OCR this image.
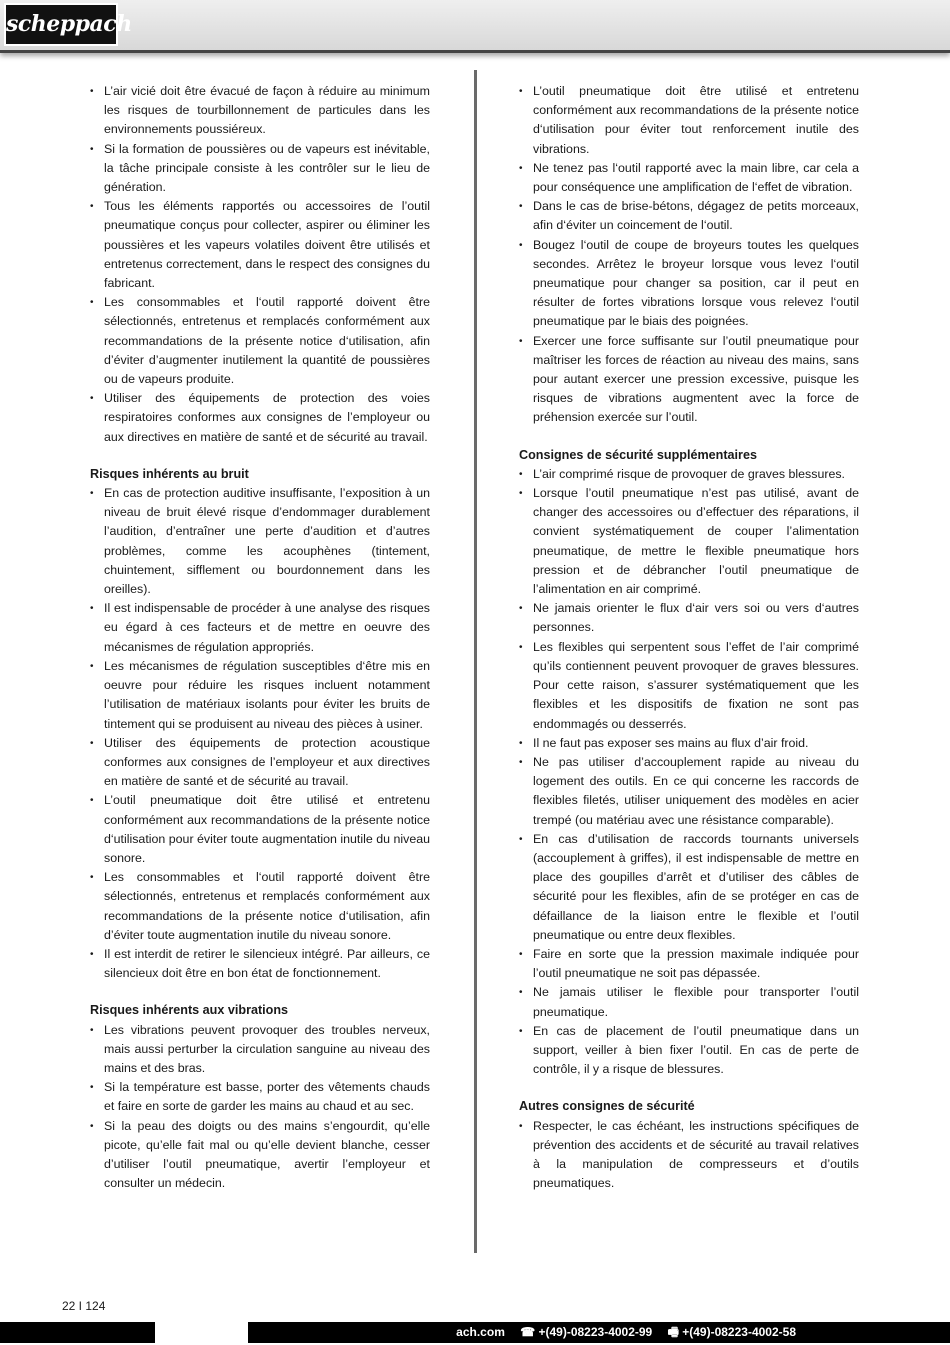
scheppach
• L’air vicié doit être évacué de façon à réduire au minimum les risques de tourbillonnement de particules dans les environnements poussiéreux.
• Si la formation de poussières ou de vapeurs est inévitable, la tâche principale consiste à les contrôler sur le lieu de génération.
• Tous les éléments rapportés ou accessoires de l’outil pneumatique conçus pour collecter, aspirer ou éliminer les poussières et les vapeurs volatiles doivent être utilisés et entretenus correctement, dans le respect des consignes du fabricant.
• Les consommables et l‘outil rapporté doivent être sélectionnés, entretenus et remplacés conformément aux recommandations de la présente notice d‘utilisation, afin d’éviter d’augmenter inutilement la quantité de poussières ou de vapeurs produite.
• Utiliser des équipements de protection des voies respiratoires conformes aux consignes de l’employeur ou aux directives en matière de santé et de sécurité au travail.
Risques inhérents au bruit
• En cas de protection auditive insuffisante, l’exposition à un niveau de bruit élevé risque d’endommager durablement l’audition, d’entraîner une perte d’audition et d’autres problèmes, comme les acouphènes (tintement, chuintement, sifflement ou bourdonnement dans les oreilles).
• Il est indispensable de procéder à une analyse des risques eu égard à ces facteurs et de mettre en oeuvre des mécanismes de régulation appropriés.
• Les mécanismes de régulation susceptibles d‘être mis en oeuvre pour réduire les risques incluent notamment l’utilisation de matériaux isolants pour éviter les bruits de tintement qui se produisent au niveau des pièces à usiner.
• Utiliser des équipements de protection acoustique conformes aux consignes de l’employeur et aux directives en matière de santé et de sécurité au travail.
• L’outil pneumatique doit être utilisé et entretenu conformément aux recommandations de la présente notice d‘utilisation pour éviter toute augmentation inutile du niveau sonore.
• Les consommables et l‘outil rapporté doivent être sélectionnés, entretenus et remplacés conformément aux recommandations de la présente notice d‘utilisation, afin d’éviter toute augmentation inutile du niveau sonore.
• Il est interdit de retirer le silencieux intégré. Par ailleurs, ce silencieux doit être en bon état de fonctionnement.
Risques inhérents aux vibrations
• Les vibrations peuvent provoquer des troubles nerveux, mais aussi perturber la circulation sanguine au niveau des mains et des bras.
• Si la température est basse, porter des vêtements chauds et faire en sorte de garder les mains au chaud et au sec.
• Si la peau des doigts ou des mains s’engourdit, qu’elle picote, qu’elle fait mal ou qu’elle devient blanche, cesser d’utiliser l’outil pneumatique, avertir l’employeur et consulter un médecin.
• L’outil pneumatique doit être utilisé et entretenu conformément aux recommandations de la présente notice d‘utilisation pour éviter tout renforcement inutile des vibrations.
• Ne tenez pas l‘outil rapporté avec la main libre, car cela a pour conséquence une amplification de l‘effet de vibration.
• Dans le cas de brise-bétons, dégagez de petits morceaux, afin d‘éviter un coincement de l‘outil.
• Bougez l‘outil de coupe de broyeurs toutes les quelques secondes. Arrêtez le broyeur lorsque vous levez l‘outil pneumatique pour changer sa position, car il peut en résulter de fortes vibrations lorsque vous relevez l‘outil pneumatique par le biais des poignées.
• Exercer une force suffisante sur l’outil pneumatique pour maîtriser les forces de réaction au niveau des mains, sans pour autant exercer une pression excessive, puisque les risques de vibrations augmentent avec la force de préhension exercée sur l’outil.
Consignes de sécurité supplémentaires
• L’air comprimé risque de provoquer de graves blessures.
• Lorsque l’outil pneumatique n’est pas utilisé, avant de changer des accessoires ou d’effectuer des réparations, il convient systématiquement de couper l’alimentation pneumatique, de mettre le flexible pneumatique hors pression et de débrancher l’outil pneumatique de l’alimentation en air comprimé.
• Ne jamais orienter le flux d‘air vers soi ou vers d‘autres personnes.
• Les flexibles qui serpentent sous l’effet de l’air comprimé qu’ils contiennent peuvent provoquer de graves blessures. Pour cette raison, s’assurer systématiquement que les flexibles et les dispositifs de fixation ne sont pas endommagés ou desserrés.
• Il ne faut pas exposer ses mains au flux d’air froid.
• Ne pas utiliser d’accouplement rapide au niveau du logement des outils. En ce qui concerne les raccords de flexibles filetés, utiliser uniquement des modèles en acier trempé (ou matériau avec une résistance comparable).
• En cas d’utilisation de raccords tournants universels (accouplement à griffes), il est indispensable de mettre en place des goupilles d’arrêt et d’utiliser des câbles de sécurité pour les flexibles, afin de se protéger en cas de défaillance de la liaison entre le flexible et l’outil pneumatique ou entre deux flexibles.
• Faire en sorte que la pression maximale indiquée pour l’outil pneumatique ne soit pas dépassée.
• Ne jamais utiliser le flexible pour transporter l’outil pneumatique.
• En cas de placement de l’outil pneumatique dans un support, veiller à bien fixer l’outil. En cas de perte de contrôle, il y a risque de blessures.
Autres consignes de sécurité
• Respecter, le cas échéant, les instructions spécifiques de prévention des accidents et de sécurité au travail relatives à la manipulation de compresseurs et d’outils pneumatiques.
22 I 124
ach.com ☎ +(49)-08223-4002-99 🖷 +(49)-08223-4002-58
